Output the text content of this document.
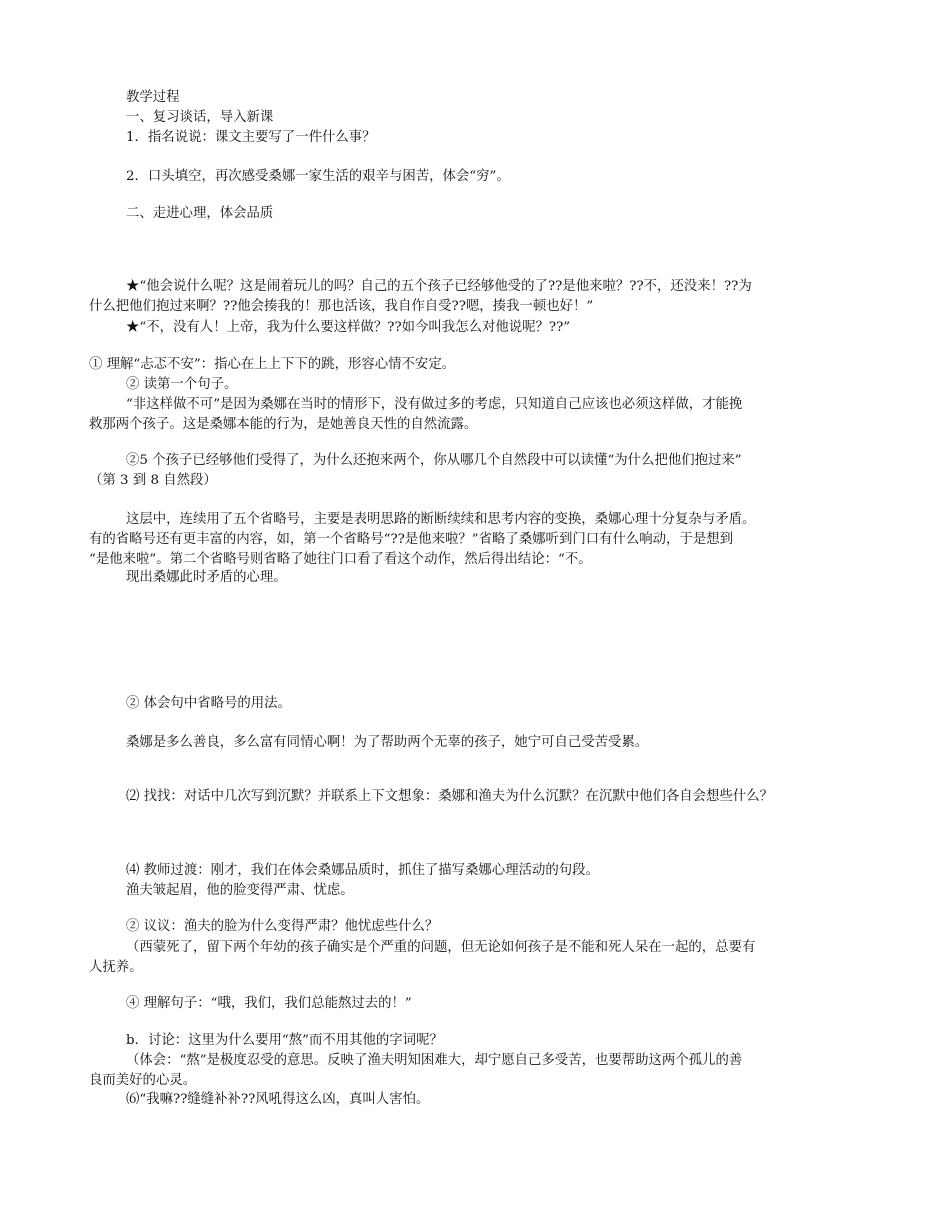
教学过程
一、复习谈话，导入新课
1．指名说说：课文主要写了一件什么事？
2．口头填空，再次感受桑娜一家生活的艰辛与困苦，体会“穷”。
二、走进心理，体会品质
★“他会说什么呢？这是闹着玩儿的吗？自己的五个孩子已经够他受的了??是他来啦？??不，还没来！??为
什么把他们抱过来啊？??他会揍我的！那也活该，我自作自受??嗯，揍我一顿也好！”
★“不，没有人！上帝，我为什么要这样做？??如今叫我怎么对他说呢？??”
① 理解“忐忑不安”：指心在上上下下的跳，形容心情不安定。
② 读第一个句子。
“非这样做不可”是因为桑娜在当时的情形下，没有做过多的考虑，只知道自己应该也必须这样做，才能挽
救那两个孩子。这是桑娜本能的行为，是她善良天性的自然流露。
②5 个孩子已经够他们受得了，为什么还抱来两个，你从哪几个自然段中可以读懂“为什么把他们抱过来”
（第 3 到 8 自然段）
这层中，连续用了五个省略号，主要是表明思路的断断续续和思考内容的变换，桑娜心理十分复杂与矛盾。
有的省略号还有更丰富的内容，如，第一个省略号“??是他来啦？”省略了桑娜听到门口有什么响动，于是想到
“是他来啦”。第二个省略号则省略了她往门口看了看这个动作，然后得出结论：“不。
现出桑娜此时矛盾的心理。
② 体会句中省略号的用法。
桑娜是多么善良，多么富有同情心啊！为了帮助两个无辜的孩子，她宁可自己受苦受累。
⑵ 找找：对话中几次写到沉默？并联系上下文想象：桑娜和渔夫为什么沉默？在沉默中他们各自会想些什么？
⑷ 教师过渡：刚才，我们在体会桑娜品质时，抓住了描写桑娜心理活动的句段。
渔夫皱起眉，他的脸变得严肃、忧虑。
② 议议：渔夫的脸为什么变得严肃？他忧虑些什么？
（西蒙死了，留下两个年幼的孩子确实是个严重的问题，但无论如何孩子是不能和死人呆在一起的，总要有
人抚养。
④ 理解句子：“哦，我们，我们总能熬过去的！”
b．讨论：这里为什么要用“熬”而不用其他的字词呢？
（体会：“熬”是极度忍受的意思。反映了渔夫明知困难大，却宁愿自己多受苦，也要帮助这两个孤儿的善
良而美好的心灵。
⑹“我嘛??缝缝补补??风吼得这么凶，真叫人害怕。
